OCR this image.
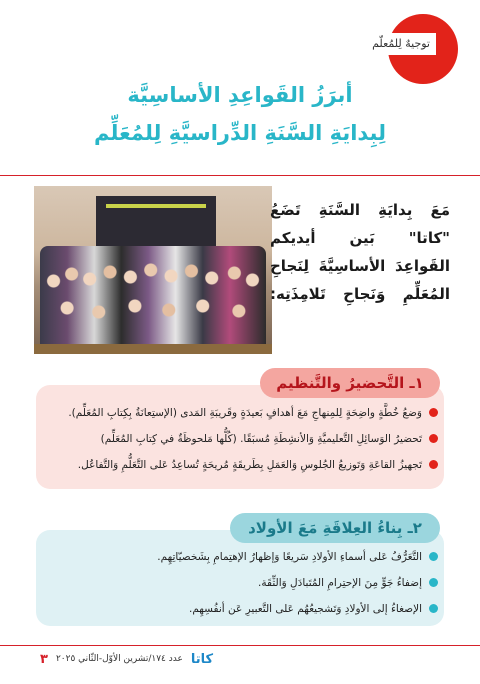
توجيهٌ لِلمُعلّم
أبرَزُ القَواعِدِ الأساسِيَّة
لِبِدايَةِ السَّنَةِ الدِّراسيَّةِ لِلمُعَلِّم
مَعَ بِدايَةِ السَّنَةِ تَضَعُ "كاتا" بَين أيديكم القَواعِدَ الأساسِيَّةَ لِنَجاحِ المُعَلِّمِ وَنَجاحِ تَلامِذَتِه:
١ـ التَّحضيرُ والتَّنظيم
وَضعُ خُطَّةٍ واضِحَةٍ لِلمِنهاجِ مَعَ أهدافٍ بَعيدَةٍ وقَريبَةِ المَدى (الإستِعانَةُ بِكِتابِ المُعَلِّم).
تَحضيرُ الوَسائِلِ التَّعليميَّةِ وَالأنشِطَةِ مُسبَقًا. (كُلُّها مَلحوظَةٌ في كِتابِ المُعَلِّم)
تَجهيزُ القاعَةِ وَتَوزيعُ الجُلوسِ وَالعَمَلِ بِطَريقَةٍ مُريحَةٍ تُساعِدُ عَلى التَّعَلُّمِ وَالتَّفاعُل.
٢ـ بِناءُ العِلاقَةِ مَعَ الأولاد
التَّعَرُّفُ عَلى أسماءِ الأولادِ سَريعًا وَإظهارُ الإهتِمامِ بِشَخصيّاتِهِم.
إضفاءُ جَوٍّ مِنَ الإحتِرامِ المُتَبادَلِ وَالثِّقَة.
الإصغاءُ إلى الأولادِ وَتَشجيعُهُم عَلى التَّعبيرِ عَن أنفُسِهِم.
كاتا
عدد ١٧٤/تشرين الأوّل-الثّاني ٢٠٢٥
٣
